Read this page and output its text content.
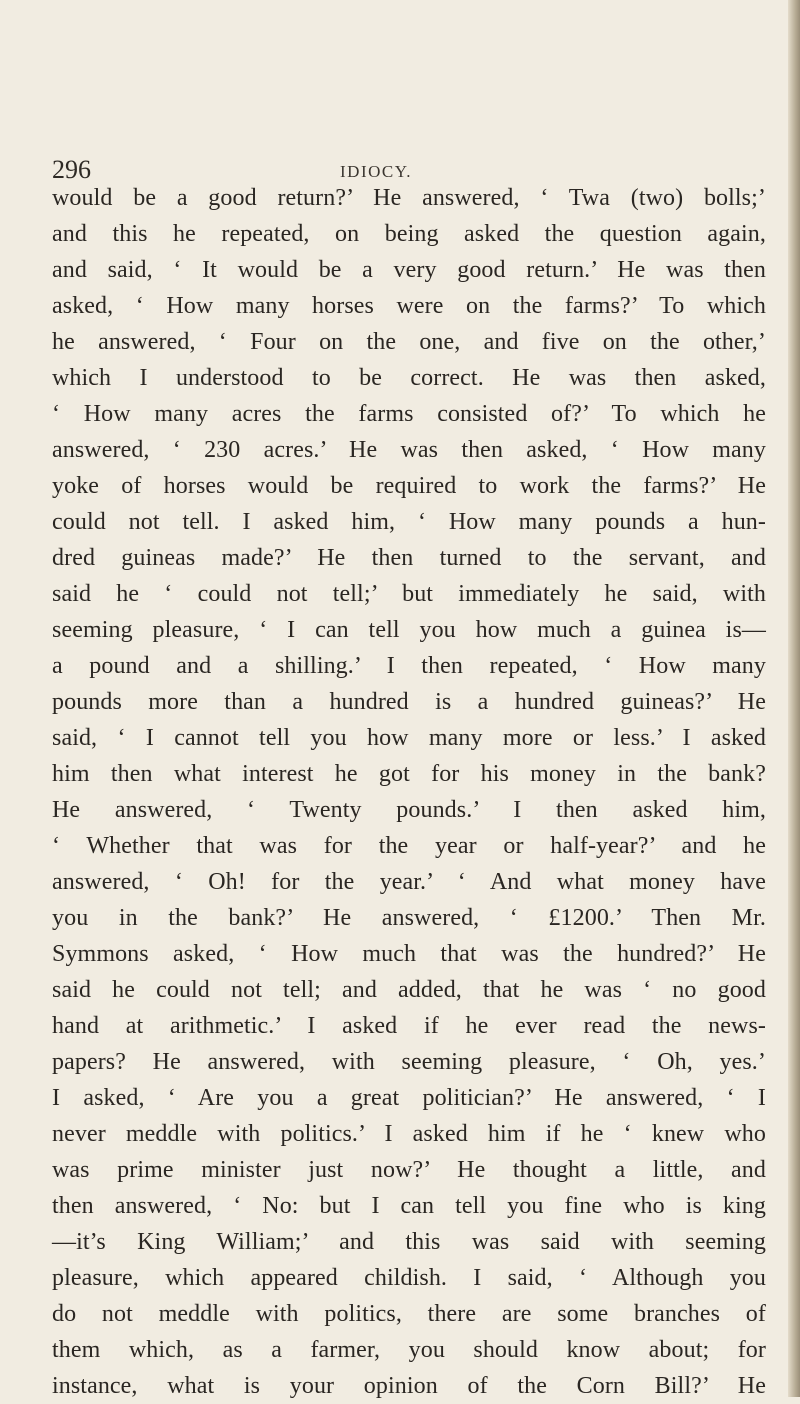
296	IDIOCY.
would be a good return?’ He answered, ‘ Twa (two) bolls;’
and this he repeated, on being asked the question again,
and said, ‘ It would be a very good return.’ He was then
asked, ‘ How many horses were on the farms?’ To which
he answered, ‘ Four on the one, and five on the other,’
which I understood to be correct. He was then asked,
‘ How many acres the farms consisted of?’ To which he
answered, ‘ 230 acres.’ He was then asked, ‘ How many
yoke of horses would be required to work the farms?’ He
could not tell. I asked him, ‘ How many pounds a hun-
dred guineas made?’ He then turned to the servant, and
said he ‘ could not tell;’ but immediately he said, with
seeming pleasure, ‘ I can tell you how much a guinea is—
a pound and a shilling.’ I then repeated, ‘ How many
pounds more than a hundred is a hundred guineas?’ He
said, ‘ I cannot tell you how many more or less.’ I asked
him then what interest he got for his money in the bank?
He answered, ‘ Twenty pounds.’ I then asked him,
‘ Whether that was for the year or half-year?’ and he
answered, ‘ Oh! for the year.’ ‘ And what money have
you in the bank?’ He answered, ‘ £1200.’ Then Mr.
Symmons asked, ‘ How much that was the hundred?’ He
said he could not tell; and added, that he was ‘ no good
hand at arithmetic.’ I asked if he ever read the news-
papers? He answered, with seeming pleasure, ‘ Oh, yes.’
I asked, ‘ Are you a great politician?’ He answered, ‘ I
never meddle with politics.’ I asked him if he ‘ knew who
was prime minister just now?’ He thought a little, and
then answered, ‘ No: but I can tell you fine who is king
—it’s King William;’ and this was said with seeming
pleasure, which appeared childish. I said, ‘ Although you
do not meddle with politics, there are some branches of
them which, as a farmer, you should know about; for
instance, what is your opinion of the Corn Bill?’ He
